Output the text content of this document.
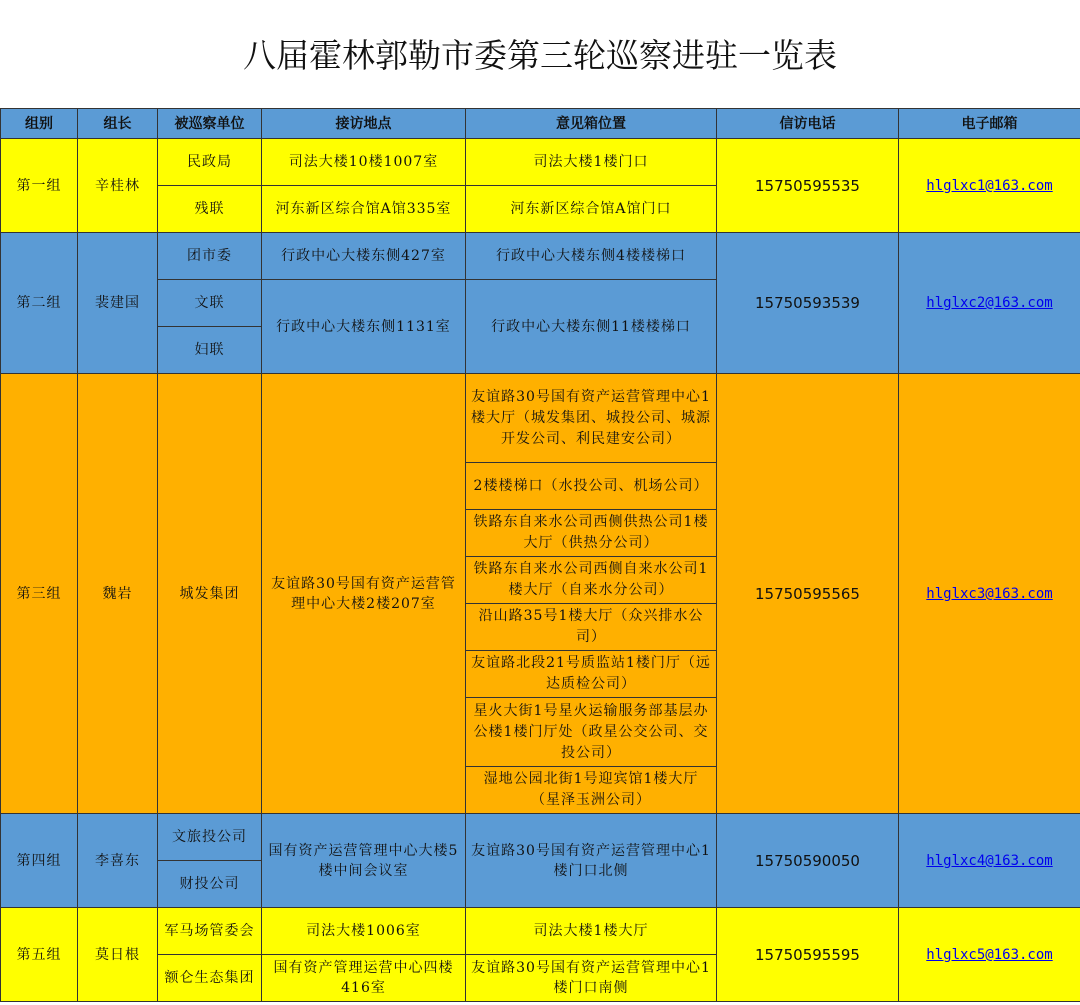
八届霍林郭勒市委第三轮巡察进驻一览表
组别	组长	被巡察单位	接访地点	意见箱位置	信访电话	电子邮箱
第一组	辛桂林	民政局	司法大楼10楼1007室	司法大楼1楼门口	15750595535	hlglxc1@163.com
		残联	河东新区综合馆A馆335室	河东新区综合馆A馆门口		
第二组	裴建国	团市委	行政中心大楼东侧427室	行政中心大楼东侧4楼楼梯口	15750593539	hlglxc2@163.com
		文联	行政中心大楼东侧1131室	行政中心大楼东侧11楼楼梯口		
		妇联				
第三组	魏岩	城发集团	友谊路30号国有资产运营管理中心大楼2楼207室	友谊路30号国有资产运营管理中心1楼大厅（城发集团、城投公司、城源开发公司、利民建安公司）	15750595565	hlglxc3@163.com
				2楼楼梯口（水投公司、机场公司）		
				铁路东自来水公司西侧供热公司1楼大厅（供热分公司）		
				铁路东自来水公司西侧自来水公司1楼大厅（自来水分公司）		
				沿山路35号1楼大厅（众兴排水公司）		
				友谊路北段21号质监站1楼门厅（远达质检公司）		
				星火大街1号星火运输服务部基层办公楼1楼门厅处（政星公交公司、交投公司）		
				湿地公园北街1号迎宾馆1楼大厅（星泽玉洲公司）		
第四组	李喜东	文旅投公司	国有资产运营管理中心大楼5楼中间会议室	友谊路30号国有资产运营管理中心1楼门口北侧	15750590050	hlglxc4@163.com
		财投公司				
第五组	莫日根	军马场管委会	司法大楼1006室	司法大楼1楼大厅	15750595595	hlglxc5@163.com
		额仑生态集团	国有资产管理运营中心四楼416室	友谊路30号国有资产运营管理中心1楼门口南侧		
